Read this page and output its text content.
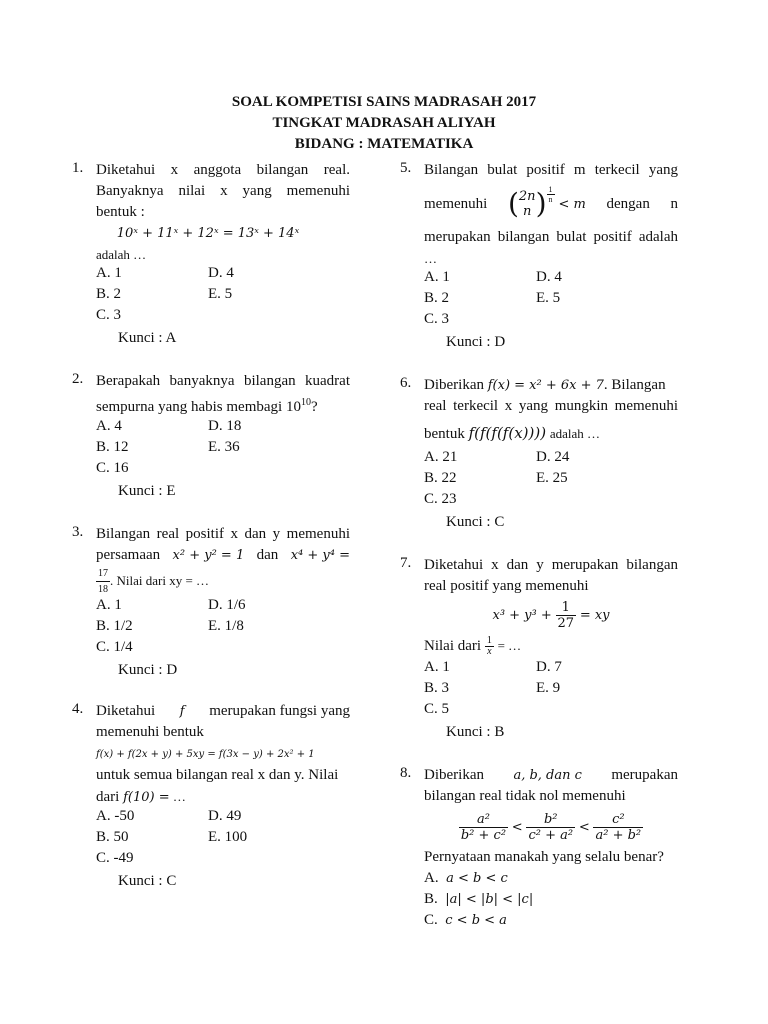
SOAL KOMPETISI SAINS MADRASAH 2017
TINGKAT MADRASAH ALIYAH
BIDANG : MATEMATIKA
1. Diketahui x anggota bilangan real.
Banyaknya nilai x yang memenuhi
bentuk :
10ˣ + 11ˣ + 12ˣ = 13ˣ + 14ˣ
adalah …
A. 1	D. 4
B. 2	E. 5
C. 3
Kunci : A
2. Berapakah banyaknya bilangan kuadrat
sempurna yang habis membagi $10^{10}$?
A. 4	D. 18
B. 12	E. 36
C. 16
Kunci : E
3. Bilangan real positif x dan y memenuhi
persamaan x² + y² = 1 dan x⁴ + y⁴ =
$\frac{17}{18}$ . Nilai dari xy = …
A. 1	D. 1/6
B. 1/2	E. 1/8
C. 1/4
Kunci : D
4. Diketahui f merupakan fungsi yang
memenuhi bentuk
f(x) + f(2x + y) + 5xy = f(3x − y) + 2x² + 1
untuk semua bilangan real x dan y. Nilai
dari f(10) = …
A. -50	D. 49
B. 50	E. 100
C. -49
Kunci : C
5. Bilangan bulat positif m terkecil yang
memenuhi ( 2n
n ) $\frac{1}{n} < m$ dengan n
merupakan bilangan bulat positif adalah
…
A. 1	D. 4
B. 2	E. 5
C. 3
Kunci : D
6. Diberikan f(x) = x² + 6x + 7. Bilangan
real terkecil x yang mungkin memenuhi
bentuk f(f(f(f(x)))) adalah …
A. 21	D. 24
B. 22	E. 25
C. 23
Kunci : C
7. Diketahui x dan y merupakan bilangan
real positif yang memenuhi
$x^3 + y^3 + \frac{1}{27}$ = xy
Nilai dari $\frac{1}{x}$ = …
A. 1	D. 7
B. 3	E. 9
C. 5
Kunci : B
8. Diberikan a, b, dan c merupakan
bilangan real tidak nol memenuhi
$\frac{\text{a²}}{\text{b² + c²}} < \frac{\text{b²}}{\text{c² + a²}} < \frac{\text{c²}}{\text{a² + b²}}$
Pernyataan manakah yang selalu benar?
A. a < b < c
B. |a| < |b| < |c|
C. c < b < a
